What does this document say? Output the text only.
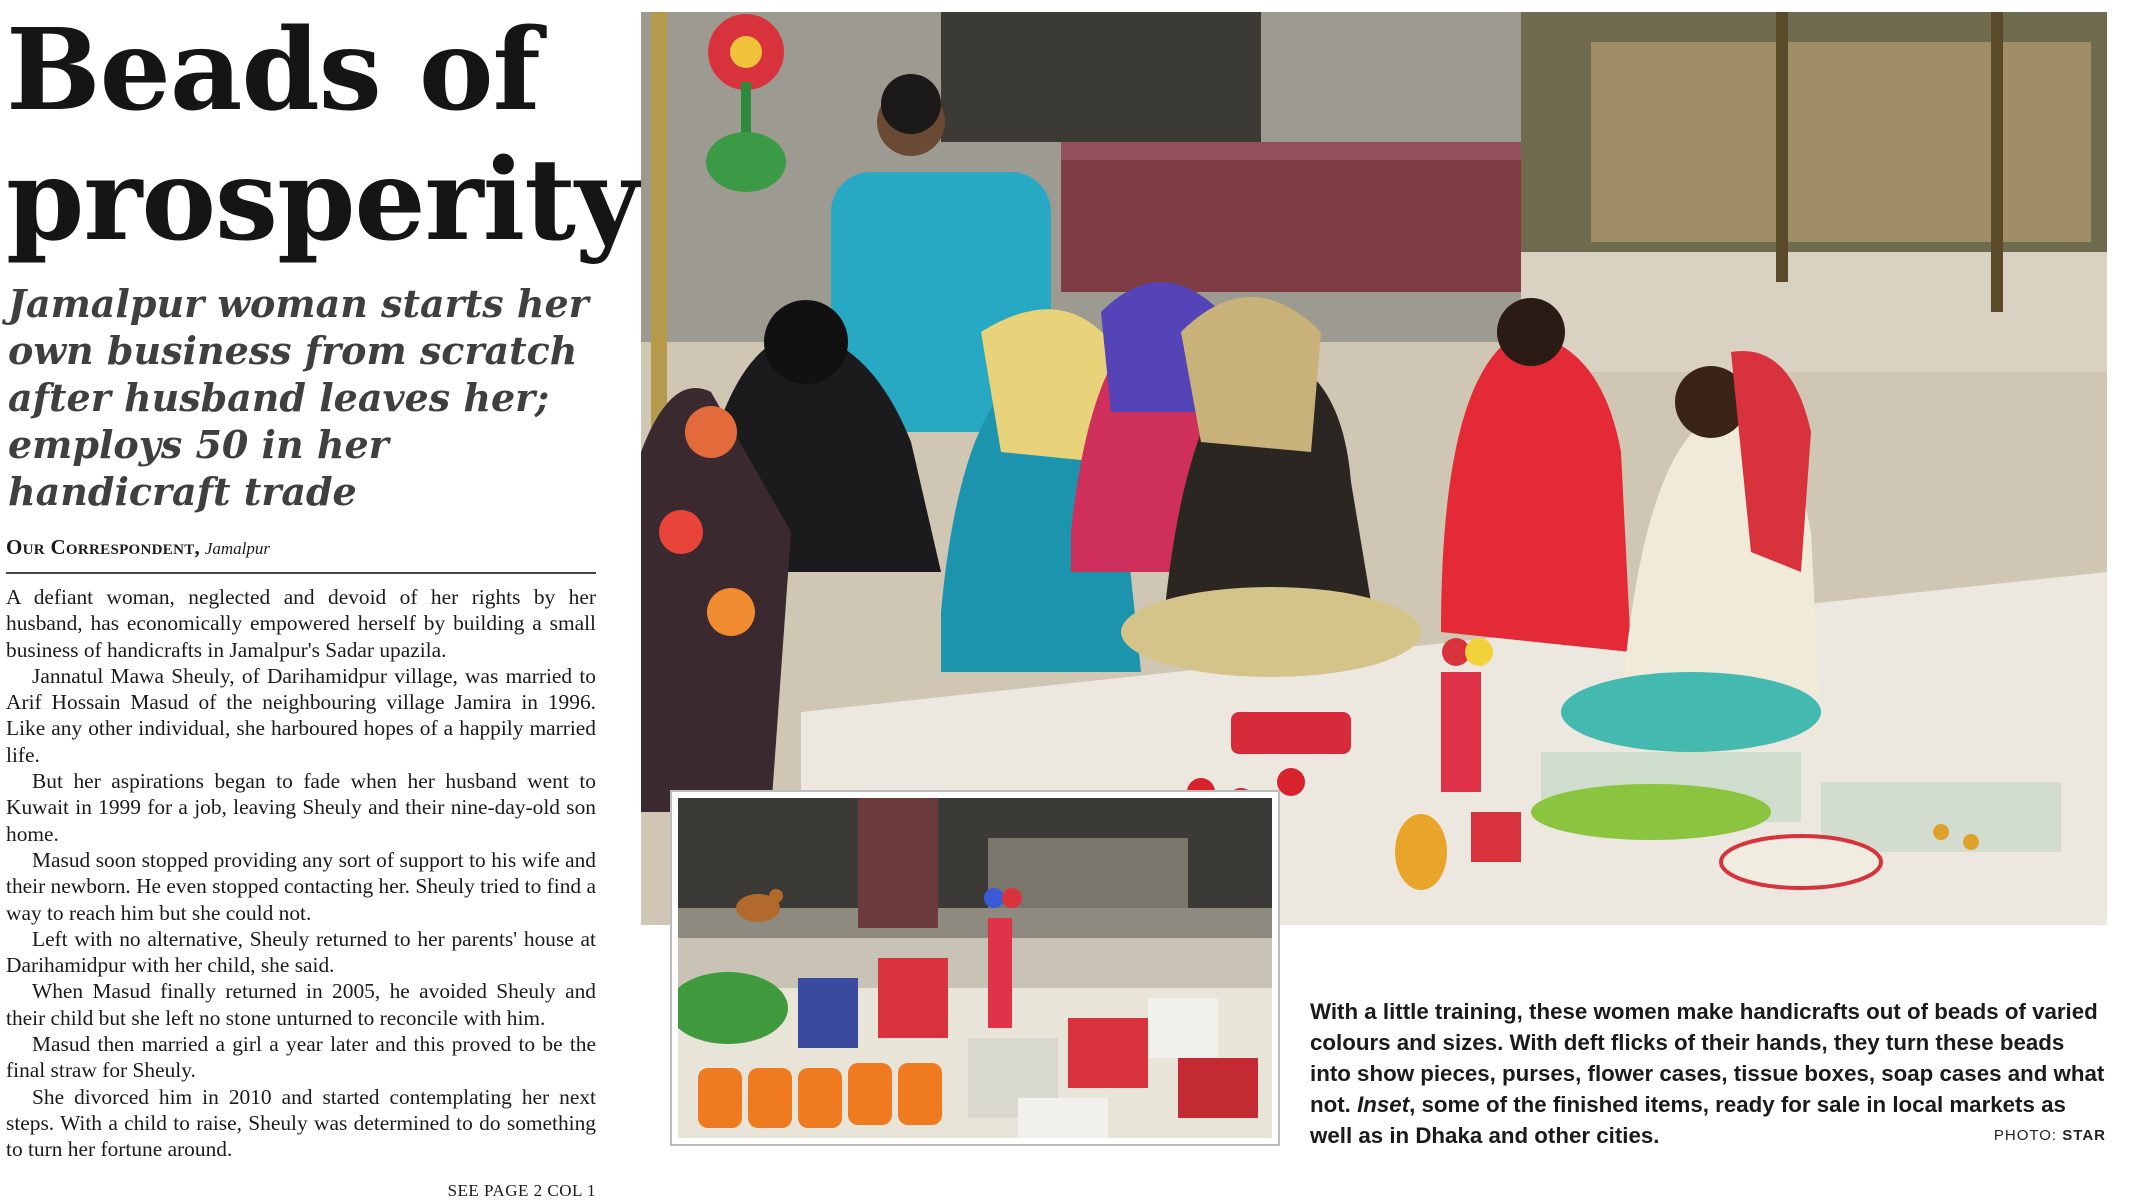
Beads of
prosperity
Jamalpur woman starts her own business from scratch after husband leaves her; employs 50 in her handicraft trade
Our Correspondent, Jamalpur

A defiant woman, neglected and devoid of her rights by her husband, has economically empowered herself by building a small business of handicrafts in Jamalpur's Sadar upazila.

Jannatul Mawa Sheuly, of Darihamidpur village, was married to Arif Hossain Masud of the neighbouring village Jamira in 1996. Like any other individual, she harboured hopes of a happily married life.

But her aspirations began to fade when her husband went to Kuwait in 1999 for a job, leaving Sheuly and their nine-day-old son home.

Masud soon stopped providing any sort of support to his wife and their newborn. He even stopped contacting her. Sheuly tried to find a way to reach him but she could not.

Left with no alternative, Sheuly returned to her parents' house at Darihamidpur with her child, she said.

When Masud finally returned in 2005, he avoided Sheuly and their child but she left no stone unturned to reconcile with him.

Masud then married a girl a year later and this proved to be the final straw for Sheuly.

She divorced him in 2010 and started contemplating her next steps. With a child to raise, Sheuly was determined to do something to turn her fortune around.

SEE PAGE 2 COL 1
With a little training, these women make handicrafts out of beads of varied colours and sizes. With deft flicks of their hands, they turn these beads into show pieces, purses, flower cases, tissue boxes, soap cases and what not. Inset, some of the finished items, ready for sale in local markets as well as in Dhaka and other cities.	PHOTO: STAR
